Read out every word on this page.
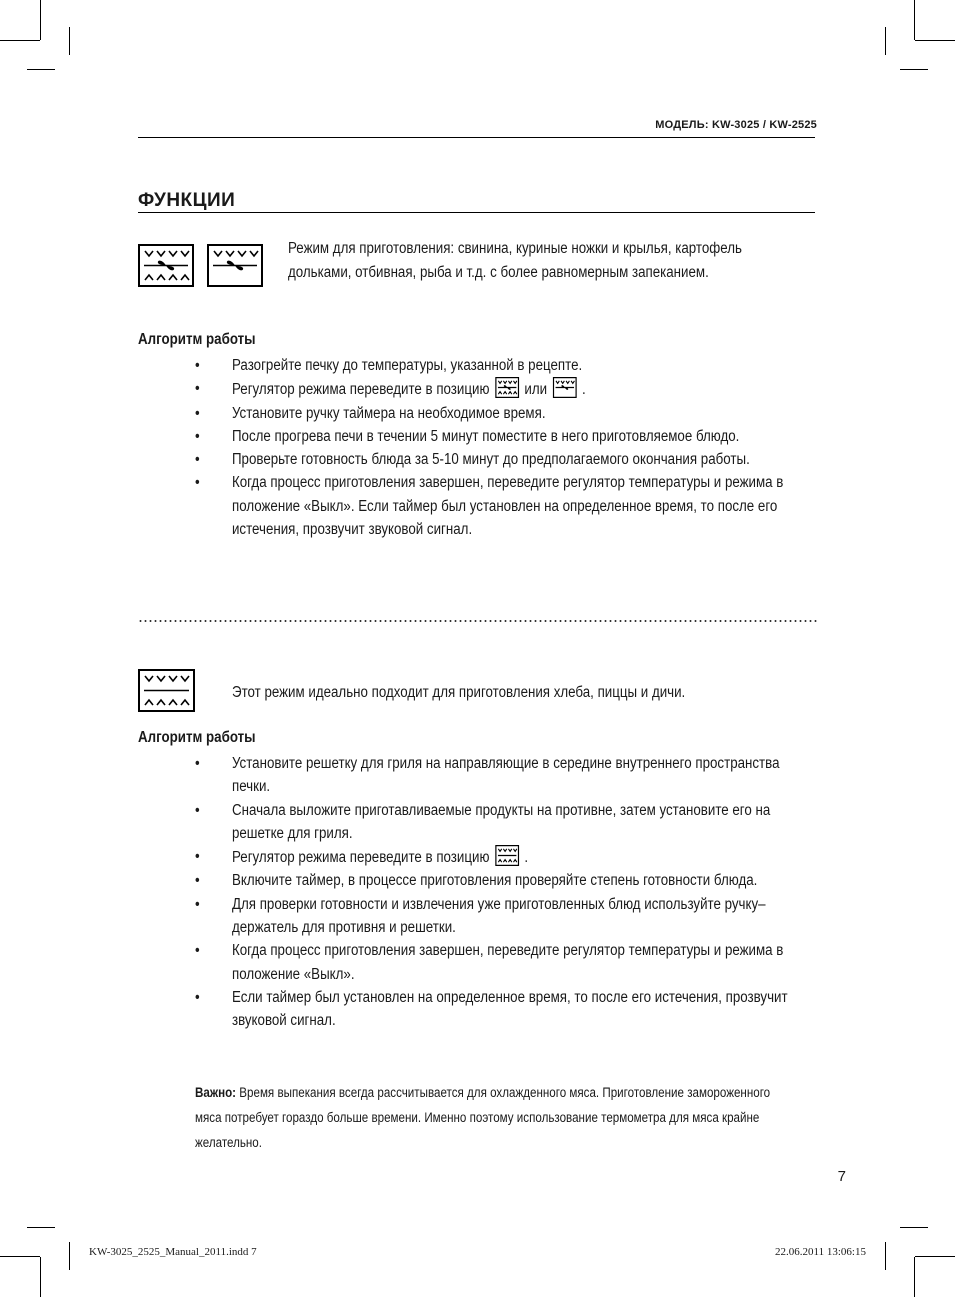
МОДЕЛЬ: KW-3025 / KW-2525
ФУНКЦИИ
Режим для приготовления: свинина, куриные ножки и крылья, картофель дольками, отбивная, рыба и т.д. с более равномерным запеканием.
Алгоритм работы
• Разогрейте печку до температуры, указанной в рецепте.
• Регулятор режима переведите в позицию или .
• Установите ручку таймера на необходимое время.
• После прогрева печи в течении 5 минут поместите в него приготовляемое блюдо.
• Проверьте готовность блюда за 5-10 минут до предполагаемого окончания работы.
• Когда процесс приготовления завершен, переведите регулятор температуры и режима в положение «Выкл». Если таймер был установлен на определенное время, то после его истечения, прозвучит звуковой сигнал.
Этот режим идеально подходит для приготовления хлеба, пиццы и дичи.
Алгоритм работы
• Установите решетку для гриля на направляющие в середине внутреннего пространства печки.
• Сначала выложите приготавливаемые продукты на противне, затем установите его на решетке для гриля.
• Регулятор режима переведите в позицию .
• Включите таймер, в процессе приготовления проверяйте степень готовности блюда.
• Для проверки готовности и извлечения уже приготовленных блюд используйте ручку–держатель для противня и решетки.
• Когда процесс приготовления завершен, переведите регулятор температуры и режима в положение «Выкл».
• Если таймер был установлен на определенное время, то после его истечения, прозвучит звуковой сигнал.
Важно: Время выпекания всегда рассчитывается для охлажденного мяса. Приготовление замороженного мяса потребует гораздо больше времени. Именно поэтому использование термометра для мяса крайне желательно.
7
KW-3025_2525_Manual_2011.indd 7	22.06.2011 13:06:15
